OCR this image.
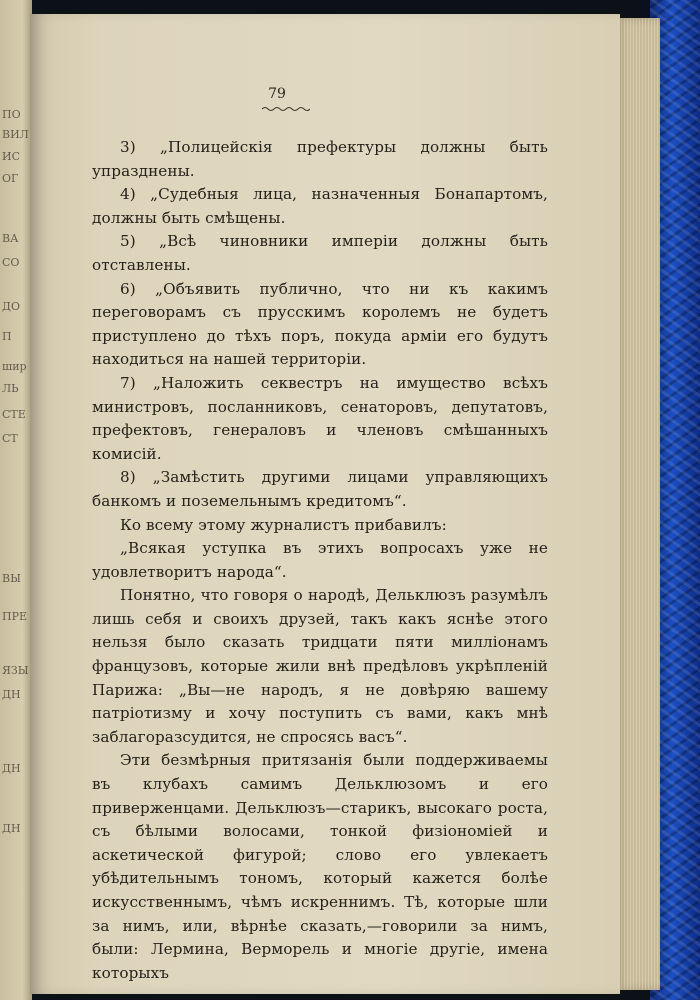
ПО
ВИЛ
ИС
ОГ
ВА
СО
ДО
П
шир
ЛЬ
СТЕ
СТ
ВЫ
ПРЕ
ЯЗЫ
ДН
ДН
ДН
79

3) „Полицейскія префектуры должны быть упразднены.

4) „Судебныя лица, назначенныя Бонапартомъ, должны быть смѣщены.

5) „Всѣ чиновники имперіи должны быть отставлены.

6) „Объявить публично, что ни къ какимъ переговорамъ съ прусскимъ королемъ не будетъ приступлено до тѣхъ поръ, покуда арміи его будутъ находиться на нашей территоріи.

7) „Наложить секвестръ на имущество всѣхъ министровъ, посланниковъ, сенаторовъ, депутатовъ, префектовъ, генераловъ и членовъ смѣшанныхъ комисій.

8) „Замѣстить другими лицами управляющихъ банкомъ и поземельнымъ кредитомъ“.

Ко всему этому журналистъ прибавилъ:

„Всякая уступка въ этихъ вопросахъ уже не удовлетворитъ народа“.

Понятно, что говоря о народѣ, Дельклюзъ разумѣлъ лишь себя и своихъ друзей, такъ какъ яснѣе этого нельзя было сказать тридцати пяти милліонамъ французовъ, которые жили внѣ предѣловъ укрѣпленій Парижа: „Вы—не народъ, я не довѣряю вашему патріотизму и хочу поступить съ вами, какъ мнѣ заблагоразсудится, не спросясь васъ“.

Эти безмѣрныя притязанія были поддерживаемы въ клубахъ самимъ Дельклюзомъ и его приверженцами. Дельклюзъ—старикъ, высокаго роста, съ бѣлыми волосами, тонкой физіономіей и аскетической фигурой; слово его увлекаетъ убѣдительнымъ тономъ, который кажется болѣе искусственнымъ, чѣмъ искреннимъ. Тѣ, которые шли за нимъ, или, вѣрнѣе сказать,—говорили за нимъ, были: Лермина, Верморель и многіе другіе, имена которыхъ
